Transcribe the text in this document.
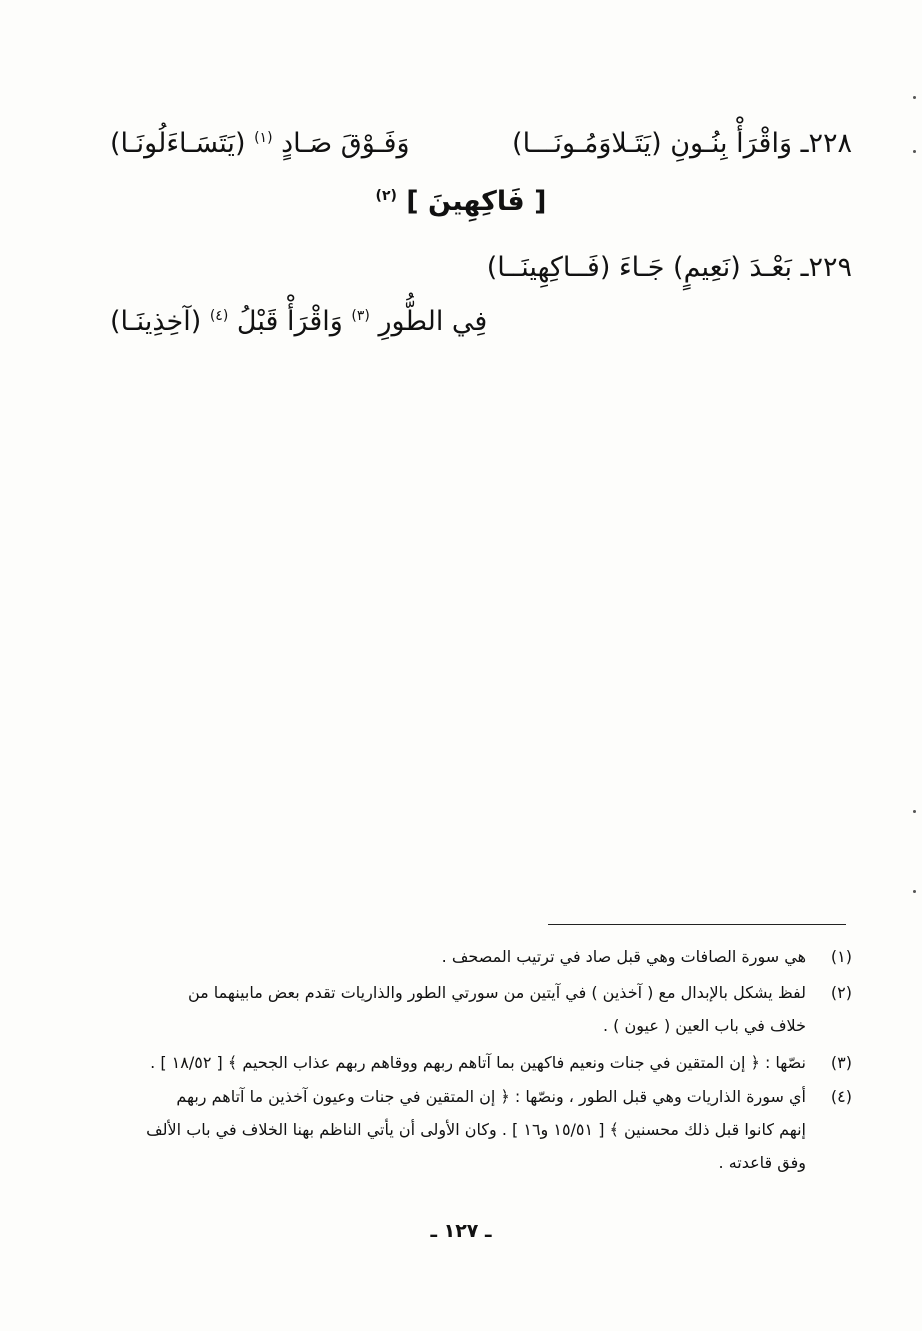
٢٢٨ـ وَاقْرَأْ بِنُـونِ (يَتَـلاوَمُـونَـــا)
وَفَـوْقَ صَـادٍ $^{(١)}$ (يَتَسَـاءَلُونَـا)
[ فَاكِهِينَ ] $^{(٢)}$
٢٢٩ـ بَعْـدَ (نَعِيمٍ) جَـاءَ (فَــاكِهِينَــا)
فِي الطُّورِ $^{(٣)}$ وَاقْرَأْ قَبْلُ $^{(٤)}$ (آخِذِينَـا)
(١)
هي سورة الصافات وهي قبل صاد في ترتيب المصحف .
(٢)
لفظ يشكل بالإبدال مع ( آخذين ) في آيتين من سورتي الطور والذاريات تقدم بعض مابينهما من
خلاف في باب العين ( عيون ) .
(٣)
نصّها : ﴿ إن المتقين في جنات ونعيم فاكهين بما آتاهم ربهم ووقاهم ربهم عذاب الجحيم ﴾ [ ١٨/٥٢ ] .
(٤)
أي سورة الذاريات وهي قبل الطور ، ونصّها : ﴿ إن المتقين في جنات وعيون آخذين ما آتاهم ربهم
إنهم كانوا قبل ذلك محسنين ﴾ [ ١٥/٥١ و١٦ ] . وكان الأولى أن يأتي الناظم بهنا الخلاف في باب الألف
وفق قاعدته .
ـ ١٢٧ ـ
